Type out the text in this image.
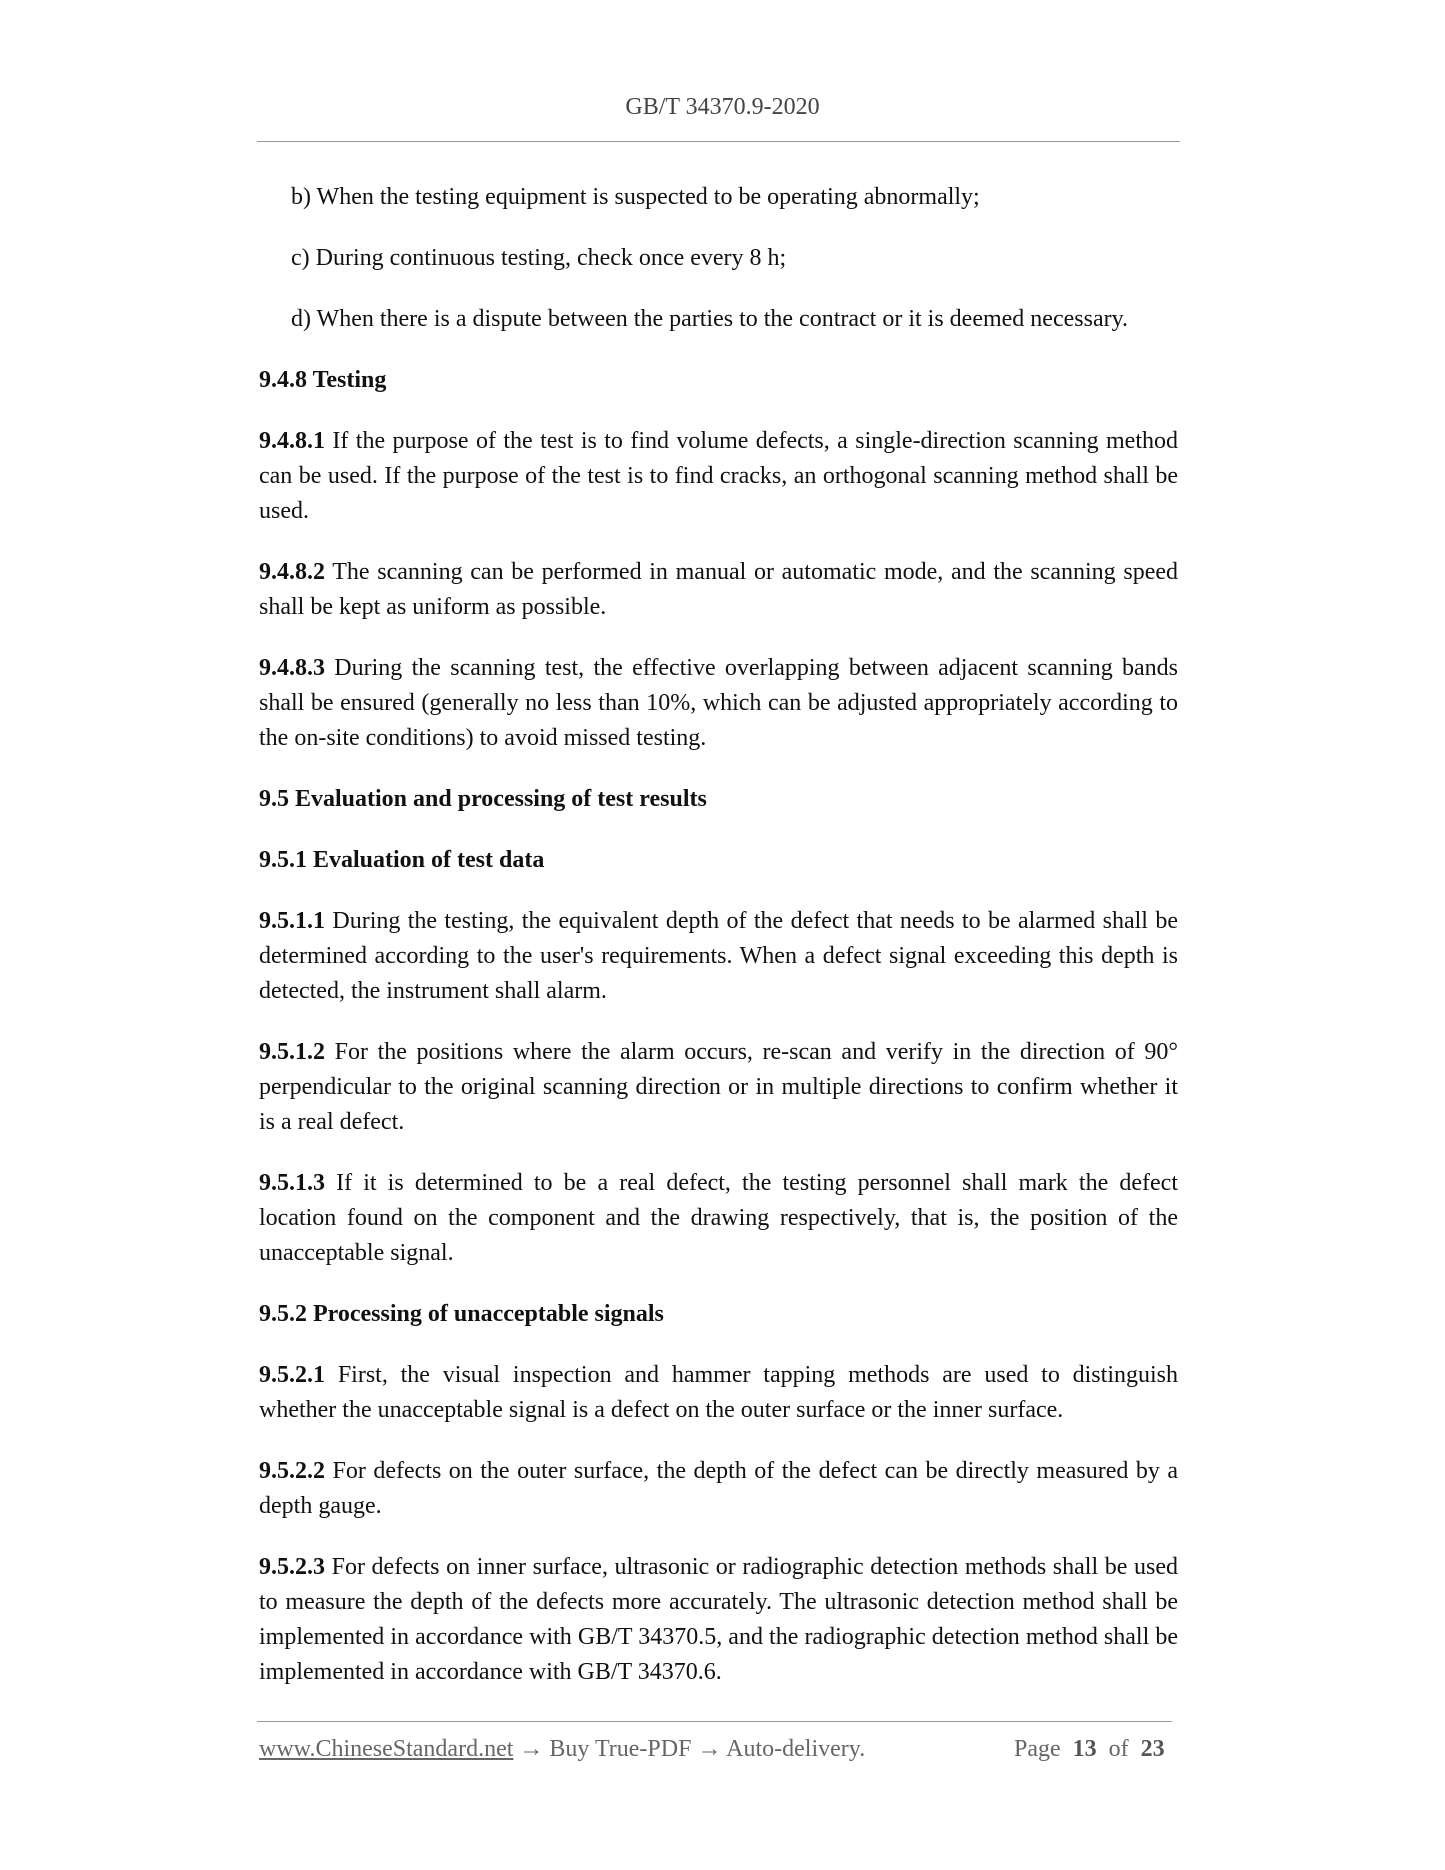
GB/T 34370.9-2020

b) When the testing equipment is suspected to be operating abnormally;

c) During continuous testing, check once every 8 h;

d) When there is a dispute between the parties to the contract or it is deemed necessary.

9.4.8 Testing

9.4.8.1 If the purpose of the test is to find volume defects, a single-direction scanning method can be used. If the purpose of the test is to find cracks, an orthogonal scanning method shall be used.

9.4.8.2 The scanning can be performed in manual or automatic mode, and the scanning speed shall be kept as uniform as possible.

9.4.8.3 During the scanning test, the effective overlapping between adjacent scanning bands shall be ensured (generally no less than 10%, which can be adjusted appropriately according to the on-site conditions) to avoid missed testing.

9.5 Evaluation and processing of test results

9.5.1 Evaluation of test data

9.5.1.1 During the testing, the equivalent depth of the defect that needs to be alarmed shall be determined according to the user's requirements. When a defect signal exceeding this depth is detected, the instrument shall alarm.

9.5.1.2 For the positions where the alarm occurs, re-scan and verify in the direction of 90° perpendicular to the original scanning direction or in multiple directions to confirm whether it is a real defect.

9.5.1.3 If it is determined to be a real defect, the testing personnel shall mark the defect location found on the component and the drawing respectively, that is, the position of the unacceptable signal.

9.5.2 Processing of unacceptable signals

9.5.2.1 First, the visual inspection and hammer tapping methods are used to distinguish whether the unacceptable signal is a defect on the outer surface or the inner surface.

9.5.2.2 For defects on the outer surface, the depth of the defect can be directly measured by a depth gauge.

9.5.2.3 For defects on inner surface, ultrasonic or radiographic detection methods shall be used to measure the depth of the defects more accurately. The ultrasonic detection method shall be implemented in accordance with GB/T 34370.5, and the radiographic detection method shall be implemented in accordance with GB/T 34370.6.

www.ChineseStandard.net → Buy True-PDF → Auto-delivery.	Page 13 of 23
